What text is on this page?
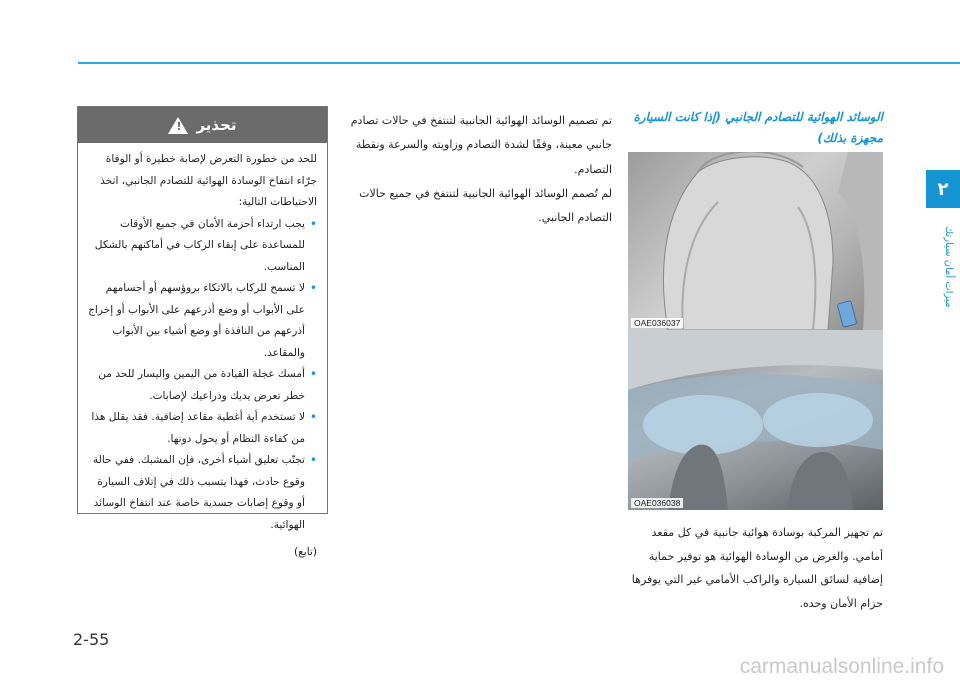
٢
ميزات أمان سيارتك
تحذير
!

للحد من خطورة التعرض لإصابة خطيرة أو الوفاة جرّاء انتفاخ الوسادة الهوائية للتصادم الجانبي، اتخذ الاحتياطات التالية:

• يجب ارتداء أحزمة الأمان في جميع الأوقات للمساعدة على إبقاء الركاب في أماكنهم بالشكل المناسب.
• لا تسمح للركاب بالاتكاء بروؤسهم أو أجسامهم على الأبواب أو وضع أذرعهم على الأبواب أو إخراج أذرعهم من النافذة أو وضع أشياء بين الأبواب والمقاعد.
• أمسك عجلة القيادة من اليمين واليسار للحد من خطر تعرض يديك وذراعيك لإصابات.
• لا تستخدم أية أغطية مقاعد إضافية. فقد يقلل هذا من كفاءة النظام أو يحول دونها.
• تجنّب تعليق أشياء أخرى، فإن المشبك. ففي حالة وقوع حادث، فهذا يتسبب ذلك في إتلاف السيارة أو وقوع إصابات جسدية خاصة عند انتفاخ الوسائد الهوائية.

(تابع)

تم تصميم الوسائد الهوائية الجانبية لتنتفخ في حالات تصادم جانبي معينة، وفقًا لشدة التصادم وزاويته والسرعة ونقطة التصادم.

لم تُصمم الوسائد الهوائية الجانبية لتنتفخ في جميع حالات التصادم الجانبي.

الوسائد الهوائية للتصادم الجانبي (إذا كانت السيارة مجهزة بذلك)
OAE036037
OAE036038

تم تجهيز المركبة بوسادة هوائية جانبية في كل مقعد أمامي. والغرض من الوسادة الهوائية هو توفير حماية إضافية لسائق السيارة والراكب الأمامي غير التي يوفرها حزام الأمان وحده.

2-55
carmanualsonline.info
